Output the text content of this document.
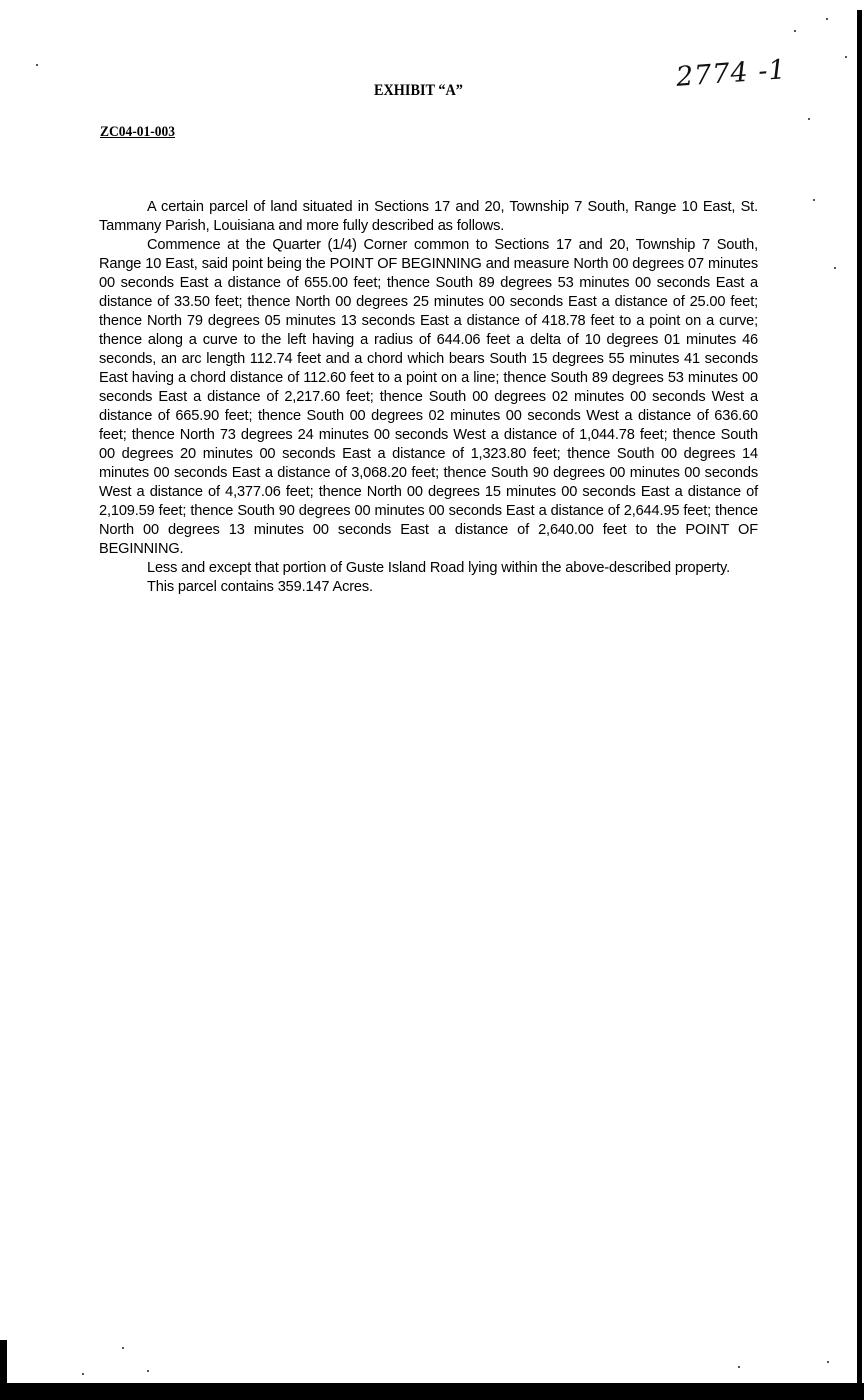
2774 -1
EXHIBIT “A”
ZC04-01-003

A certain parcel of land situated in Sections 17 and 20, Township 7 South, Range 10 East, St. Tammany Parish, Louisiana and more fully described as follows.

Commence at the Quarter (1/4) Corner common to Sections 17 and 20, Township 7 South, Range 10 East, said point being the POINT OF BEGINNING and measure North 00 degrees 07 minutes 00 seconds East a distance of 655.00 feet; thence South 89 degrees 53 minutes 00 seconds East a distance of 33.50 feet; thence North 00 degrees 25 minutes 00 seconds East a distance of 25.00 feet; thence North 79 degrees 05 minutes 13 seconds East a distance of 418.78 feet to a point on a curve; thence along a curve to the left having a radius of 644.06 feet a delta of 10 degrees 01 minutes 46 seconds, an arc length 112.74 feet and a chord which bears South 15 degrees 55 minutes 41 seconds East having a chord distance of 112.60 feet to a point on a line; thence South 89 degrees 53 minutes 00 seconds East a distance of 2,217.60 feet; thence South 00 degrees 02 minutes 00 seconds West a distance of 665.90 feet; thence South 00 degrees 02 minutes 00 seconds West a distance of 636.60 feet; thence North 73 degrees 24 minutes 00 seconds West a distance of 1,044.78 feet; thence South 00 degrees 20 minutes 00 seconds East a distance of 1,323.80 feet; thence South 00 degrees 14 minutes 00 seconds East a distance of 3,068.20 feet; thence South 90 degrees 00 minutes 00 seconds West a distance of 4,377.06 feet; thence North 00 degrees 15 minutes 00 seconds East a distance of 2,109.59 feet; thence South 90 degrees 00 minutes 00 seconds East a distance of 2,644.95 feet; thence North 00 degrees 13 minutes 00 seconds East a distance of 2,640.00 feet to the POINT OF BEGINNING.

Less and except that portion of Guste Island Road lying within the above-described property.

This parcel contains 359.147 Acres.
